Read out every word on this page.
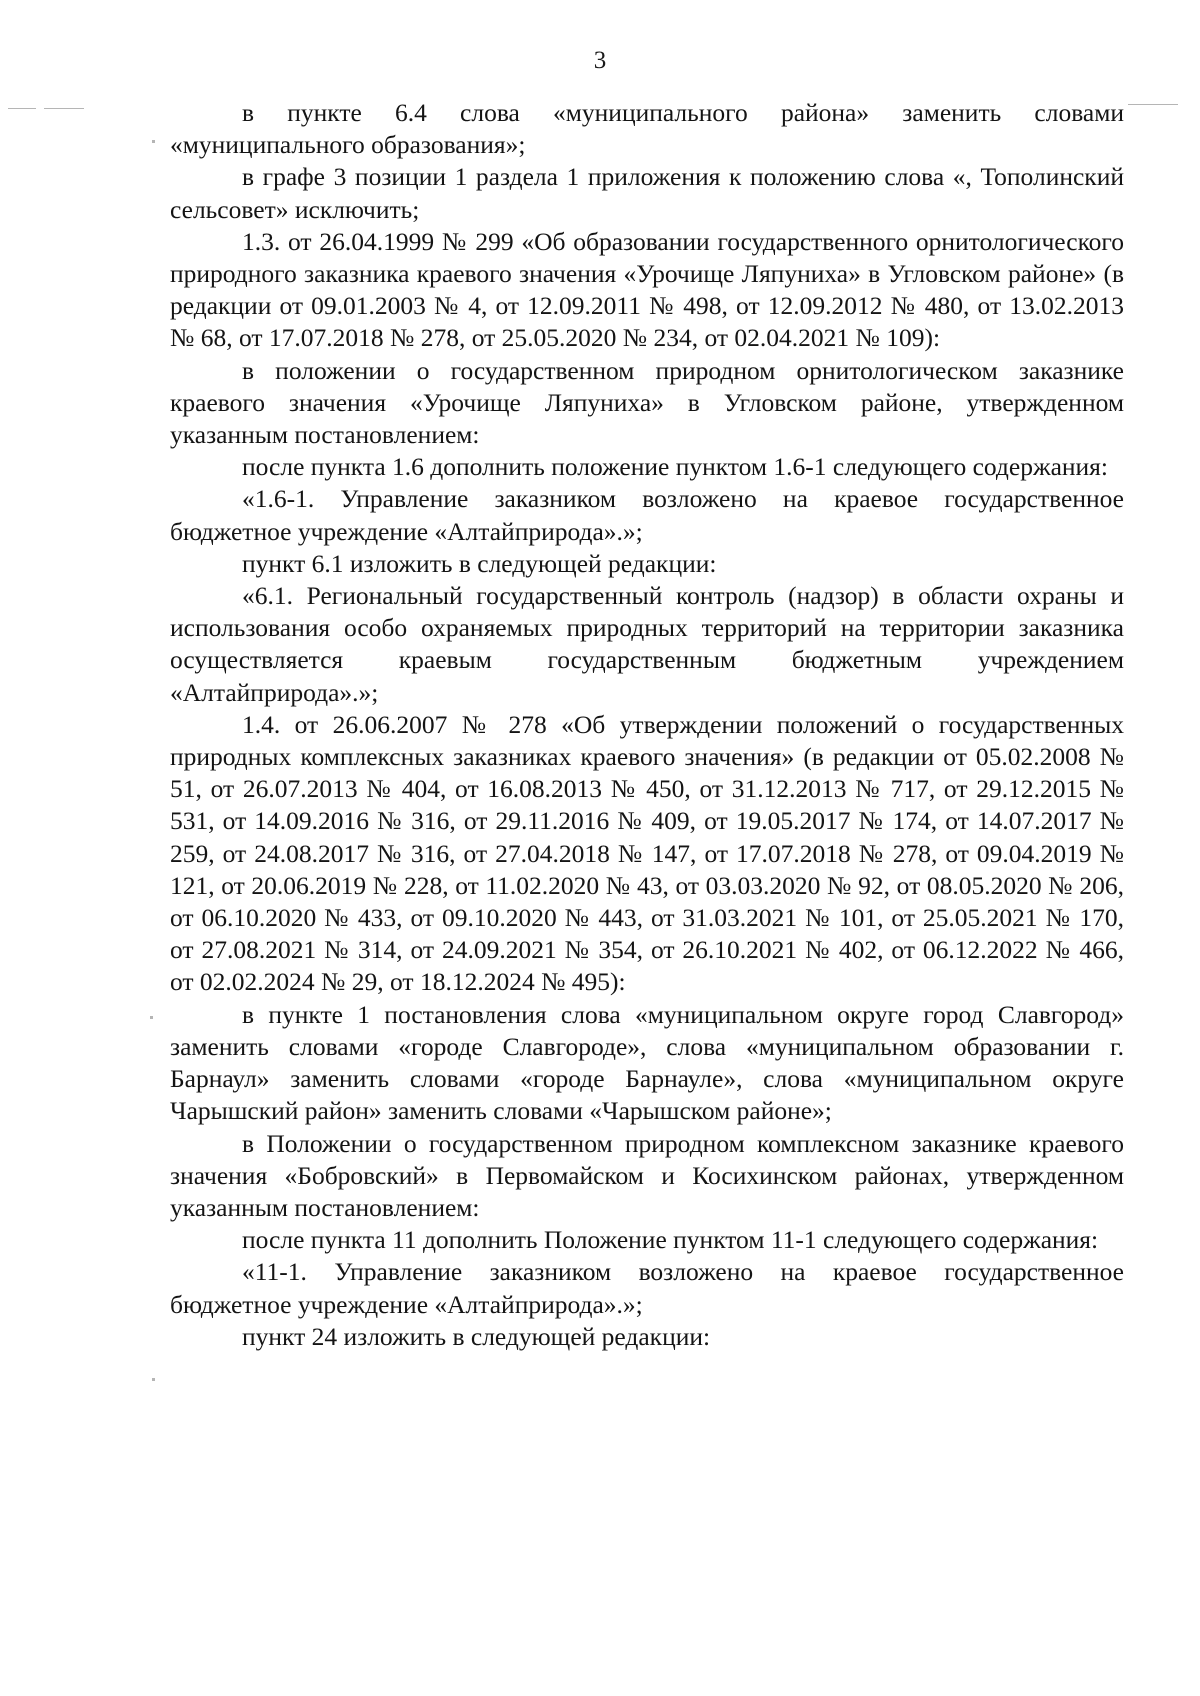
3

в пункте 6.4 слова «муниципального района» заменить словами «муниципального образования»;

в графе 3 позиции 1 раздела 1 приложения к положению слова «, Тополинский сельсовет» исключить;

1.3. от 26.04.1999 № 299 «Об образовании государственного орнитологического природного заказника краевого значения «Урочище Ляпуниха» в Угловском районе» (в редакции от 09.01.2003 № 4, от 12.09.2011 № 498, от 12.09.2012 № 480, от 13.02.2013 № 68, от 17.07.2018 № 278, от 25.05.2020 № 234, от 02.04.2021 № 109):

в положении о государственном природном орнитологическом заказнике краевого значения «Урочище Ляпуниха» в Угловском районе, утвержденном указанным постановлением:

после пункта 1.6 дополнить положение пунктом 1.6-1 следующего содержания:

«1.6-1. Управление заказником возложено на краевое государственное бюджетное учреждение «Алтайприрода».»;

пункт 6.1 изложить в следующей редакции:

«6.1. Региональный государственный контроль (надзор) в области охраны и использования особо охраняемых природных территорий на территории заказника осуществляется краевым государственным бюджетным учреждением «Алтайприрода».»;

1.4. от 26.06.2007 № 278 «Об утверждении положений о государственных природных комплексных заказниках краевого значения» (в редакции от 05.02.2008 № 51, от 26.07.2013 № 404, от 16.08.2013 № 450, от 31.12.2013 № 717, от 29.12.2015 № 531, от 14.09.2016 № 316, от 29.11.2016 № 409, от 19.05.2017 № 174, от 14.07.2017 № 259, от 24.08.2017 № 316, от 27.04.2018 № 147, от 17.07.2018 № 278, от 09.04.2019 № 121, от 20.06.2019 № 228, от 11.02.2020 № 43, от 03.03.2020 № 92, от 08.05.2020 № 206, от 06.10.2020 № 433, от 09.10.2020 № 443, от 31.03.2021 № 101, от 25.05.2021 № 170, от 27.08.2021 № 314, от 24.09.2021 № 354, от 26.10.2021 № 402, от 06.12.2022 № 466, от 02.02.2024 № 29, от 18.12.2024 № 495):

в пункте 1 постановления слова «муниципальном округе город Славгород» заменить словами «городе Славгороде», слова «муниципальном образовании г. Барнаул» заменить словами «городе Барнауле», слова «муниципальном округе Чарышский район» заменить словами «Чарышском районе»;

в Положении о государственном природном комплексном заказнике краевого значения «Бобровский» в Первомайском и Косихинском районах, утвержденном указанным постановлением:

после пункта 11 дополнить Положение пунктом 11-1 следующего содержания:

«11-1. Управление заказником возложено на краевое государственное бюджетное учреждение «Алтайприрода».»;

пункт 24 изложить в следующей редакции:
